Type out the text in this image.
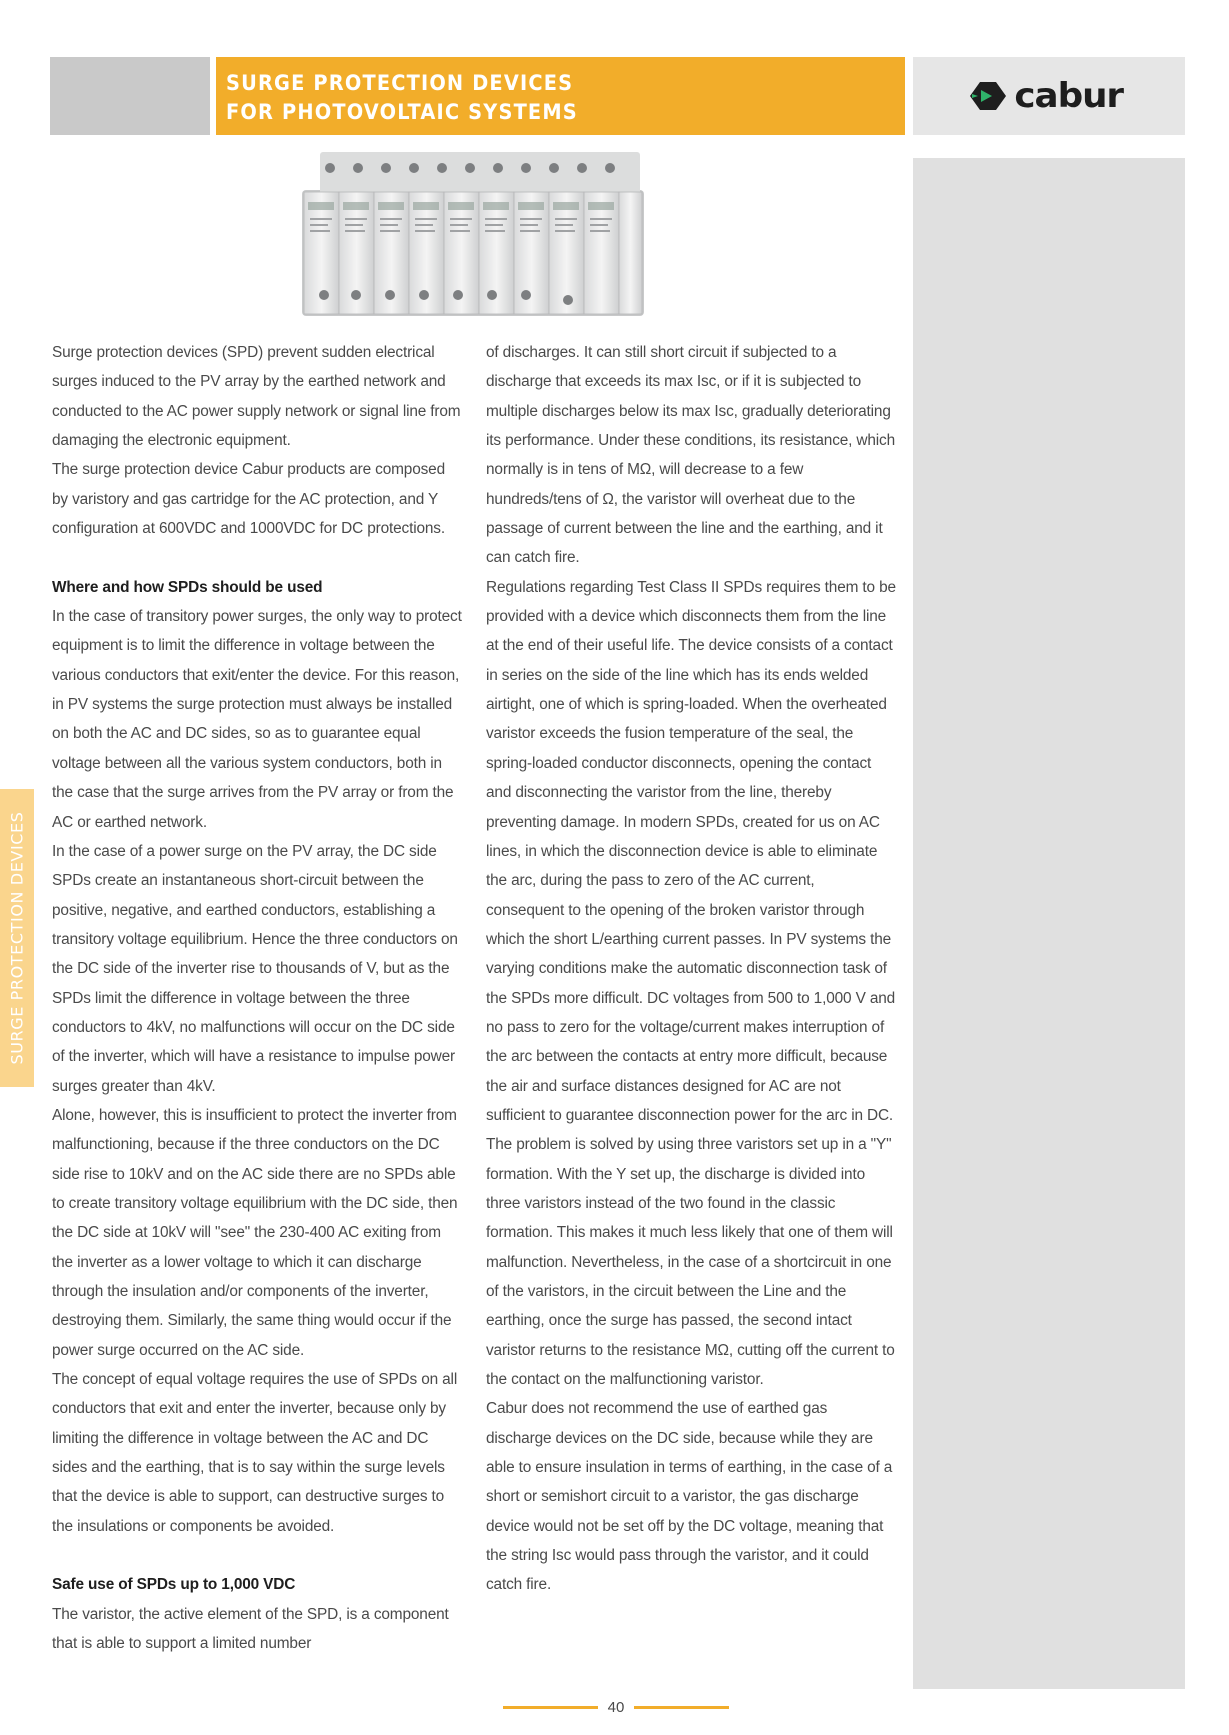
SURGE PROTECTION DEVICES
FOR PHOTOVOLTAIC SYSTEMS	cabur
SURGE PROTECTION DEVICES

Surge protection devices (SPD) prevent sudden electrical surges induced to the PV array by the earthed network and conducted to the AC power supply network or signal line from damaging the electronic equipment.

The surge protection device Cabur products are composed by varistory and gas cartridge for the AC protection, and Y configuration at 600VDC and 1000VDC for DC protections.

Where and how SPDs should be used

In the case of transitory power surges, the only way to protect equipment is to limit the difference in voltage between the various conductors that exit/enter the device. For this reason, in PV systems the surge protection must always be installed on both the AC and DC sides, so as to guarantee equal voltage between all the various system conductors, both in the case that the surge arrives from the PV array or from the AC or earthed network.

In the case of a power surge on the PV array, the DC side SPDs create an instantaneous short-circuit between the positive, negative, and earthed conductors, establishing a transitory voltage equilibrium. Hence the three conductors on the DC side of the inverter rise to thousands of V, but as the SPDs limit the difference in voltage between the three conductors to 4kV, no malfunctions will occur on the DC side of the inverter, which will have a resistance to impulse power surges greater than 4kV.

Alone, however, this is insufficient to protect the inverter from malfunctioning, because if the three conductors on the DC side rise to 10kV and on the AC side there are no SPDs able to create transitory voltage equilibrium with the DC side, then the DC side at 10kV will "see" the 230-400 AC exiting from the inverter as a lower voltage to which it can discharge through the insulation and/or components of the inverter, destroying them. Similarly, the same thing would occur if the power surge occurred on the AC side.

The concept of equal voltage requires the use of SPDs on all conductors that exit and enter the inverter, because only by limiting the difference in voltage between the AC and DC sides and the earthing, that is to say within the surge levels that the device is able to support, can destructive surges to the insulations or components be avoided.

Safe use of SPDs up to 1,000 VDC

The varistor, the active element of the SPD, is a component that is able to support a limited number

of discharges. It can still short circuit if subjected to a discharge that exceeds its max Isc, or if it is subjected to multiple discharges below its max Isc, gradually deteriorating its performance. Under these conditions, its resistance, which normally is in tens of MΩ, will decrease to a few hundreds/tens of Ω, the varistor will overheat due to the passage of current between the line and the earthing, and it can catch fire.

Regulations regarding Test Class II SPDs requires them to be provided with a device which disconnects them from the line at the end of their useful life. The device consists of a contact in series on the side of the line which has its ends welded airtight, one of which is spring-loaded. When the overheated varistor exceeds the fusion temperature of the seal, the spring-loaded conductor disconnects, opening the contact and disconnecting the varistor from the line, thereby preventing damage. In modern SPDs, created for us on AC lines, in which the disconnection device is able to eliminate the arc, during the pass to zero of the AC current, consequent to the opening of the broken varistor through which the short L/earthing current passes. In PV systems the varying conditions make the automatic disconnection task of the SPDs more difficult. DC voltages from 500 to 1,000 V and no pass to zero for the voltage/current makes interruption of the arc between the contacts at entry more difficult, because the air and surface distances designed for AC are not sufficient to guarantee disconnection power for the arc in DC. The problem is solved by using three varistors set up in a "Y" formation. With the Y set up, the discharge is divided into three varistors instead of the two found in the classic formation. This makes it much less likely that one of them will malfunction. Nevertheless, in the case of a shortcircuit in one of the varistors, in the circuit between the Line and the earthing, once the surge has passed, the second intact varistor returns to the resistance MΩ, cutting off the current to the contact on the malfunctioning varistor.

Cabur does not recommend the use of earthed gas discharge devices on the DC side, because while they are able to ensure insulation in terms of earthing, in the case of a short or semishort circuit to a varistor, the gas discharge device would not be set off by the DC voltage, meaning that the string Isc would pass through the varistor, and it could catch fire.

40
